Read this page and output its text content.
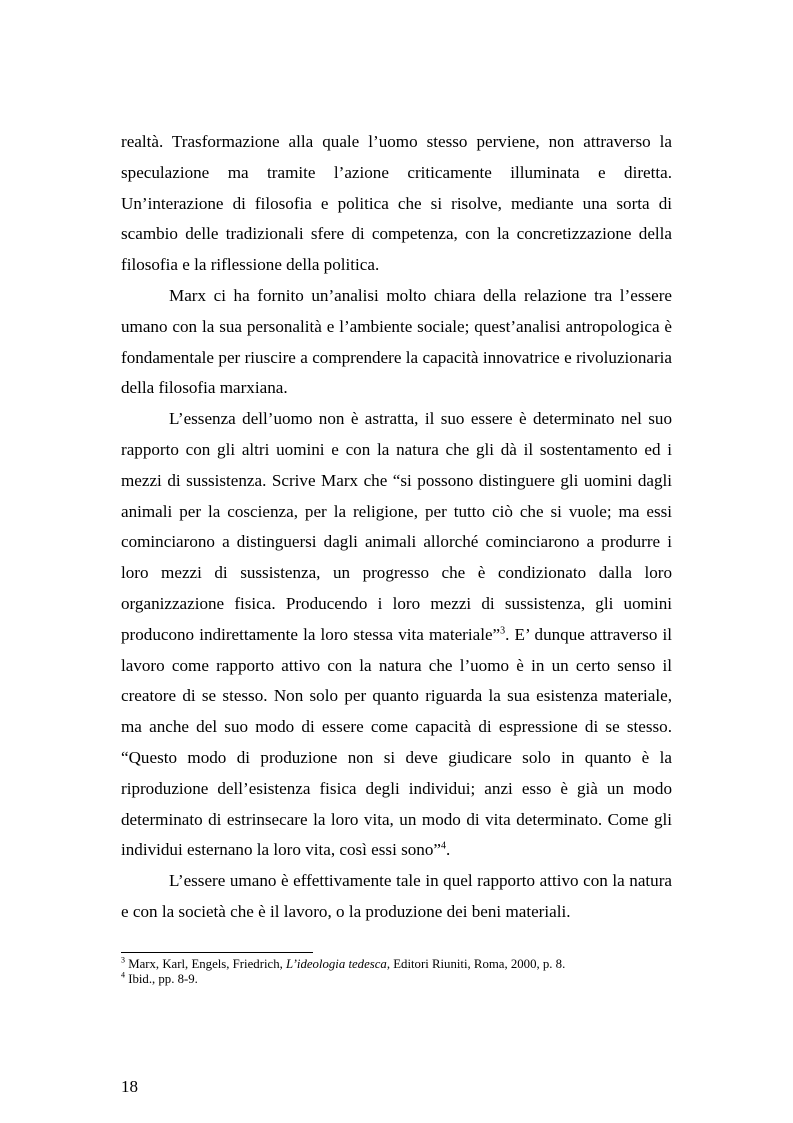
realtà. Trasformazione alla quale l’uomo stesso perviene, non attraverso la speculazione ma tramite l’azione criticamente illuminata e diretta. Un’interazione di filosofia e politica che si risolve, mediante una sorta di scambio delle tradizionali sfere di competenza, con la concretizzazione della filosofia e la riflessione della politica.

Marx ci ha fornito un’analisi molto chiara della relazione tra l’essere umano con la sua personalità e l’ambiente sociale; quest’analisi antropologica è fondamentale per riuscire a comprendere la capacità innovatrice e rivoluzionaria della filosofia marxiana.

L’essenza dell’uomo non è astratta, il suo essere è determinato nel suo rapporto con gli altri uomini e con la natura che gli dà il sostentamento ed i mezzi di sussistenza. Scrive Marx che “si possono distinguere gli uomini dagli animali per la coscienza, per la religione, per tutto ciò che si vuole; ma essi cominciarono a distinguersi dagli animali allorché cominciarono a produrre i loro mezzi di sussistenza, un progresso che è condizionato dalla loro organizzazione fisica. Producendo i loro mezzi di sussistenza, gli uomini producono indirettamente la loro stessa vita materiale”$^3$. E’ dunque attraverso il lavoro come rapporto attivo con la natura che l’uomo è in un certo senso il creatore di se stesso. Non solo per quanto riguarda la sua esistenza materiale, ma anche del suo modo di essere come capacità di espressione di se stesso. “Questo modo di produzione non si deve giudicare solo in quanto è la riproduzione dell’esistenza fisica degli individui; anzi esso è già un modo determinato di estrinsecare la loro vita, un modo di vita determinato. Come gli individui esternano la loro vita, così essi sono”$^4$.

L’essere umano è effettivamente tale in quel rapporto attivo con la natura e con la società che è il lavoro, o la produzione dei beni materiali.

$^3$ Marx, Karl, Engels, Friedrich, L’ideologia tedesca, Editori Riuniti, Roma, 2000, p. 8.

$^4$ Ibid., pp. 8-9.

18
